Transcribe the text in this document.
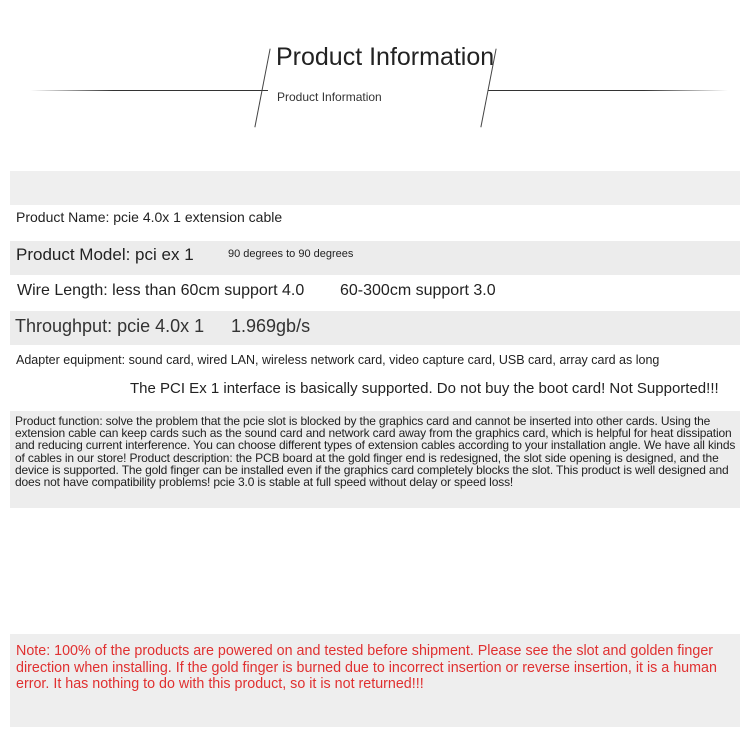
Product Information
Product Information
Product Name: pcie 4.0x 1 extension cable
Product Model: pci ex 1	90 degrees to 90 degrees
Wire Length: less than 60cm support 4.0 60-300cm support 3.0
Throughput: pcie 4.0x 1 1.969gb/s
Adapter equipment: sound card, wired LAN, wireless network card, video capture card, USB card, array card as long
The PCI Ex 1 interface is basically supported. Do not buy the boot card! Not Supported!!!
Product function: solve the problem that the pcie slot is blocked by the graphics card and cannot be inserted into other cards. Using the extension cable can keep cards such as the sound card and network card away from the graphics card, which is helpful for heat dissipation and reducing current interference. You can choose different types of extension cables according to your installation angle. We have all kinds of cables in our store! Product description: the PCB board at the gold finger end is redesigned, the slot side opening is designed, and the device is supported. The gold finger can be installed even if the graphics card completely blocks the slot. This product is well designed and does not have compatibility problems! pcie 3.0 is stable at full speed without delay or speed loss!
Note: 100% of the products are powered on and tested before shipment. Please see the slot and golden finger direction when installing. If the gold finger is burned due to incorrect insertion or reverse insertion, it is a human error. It has nothing to do with this product, so it is not returned!!!
